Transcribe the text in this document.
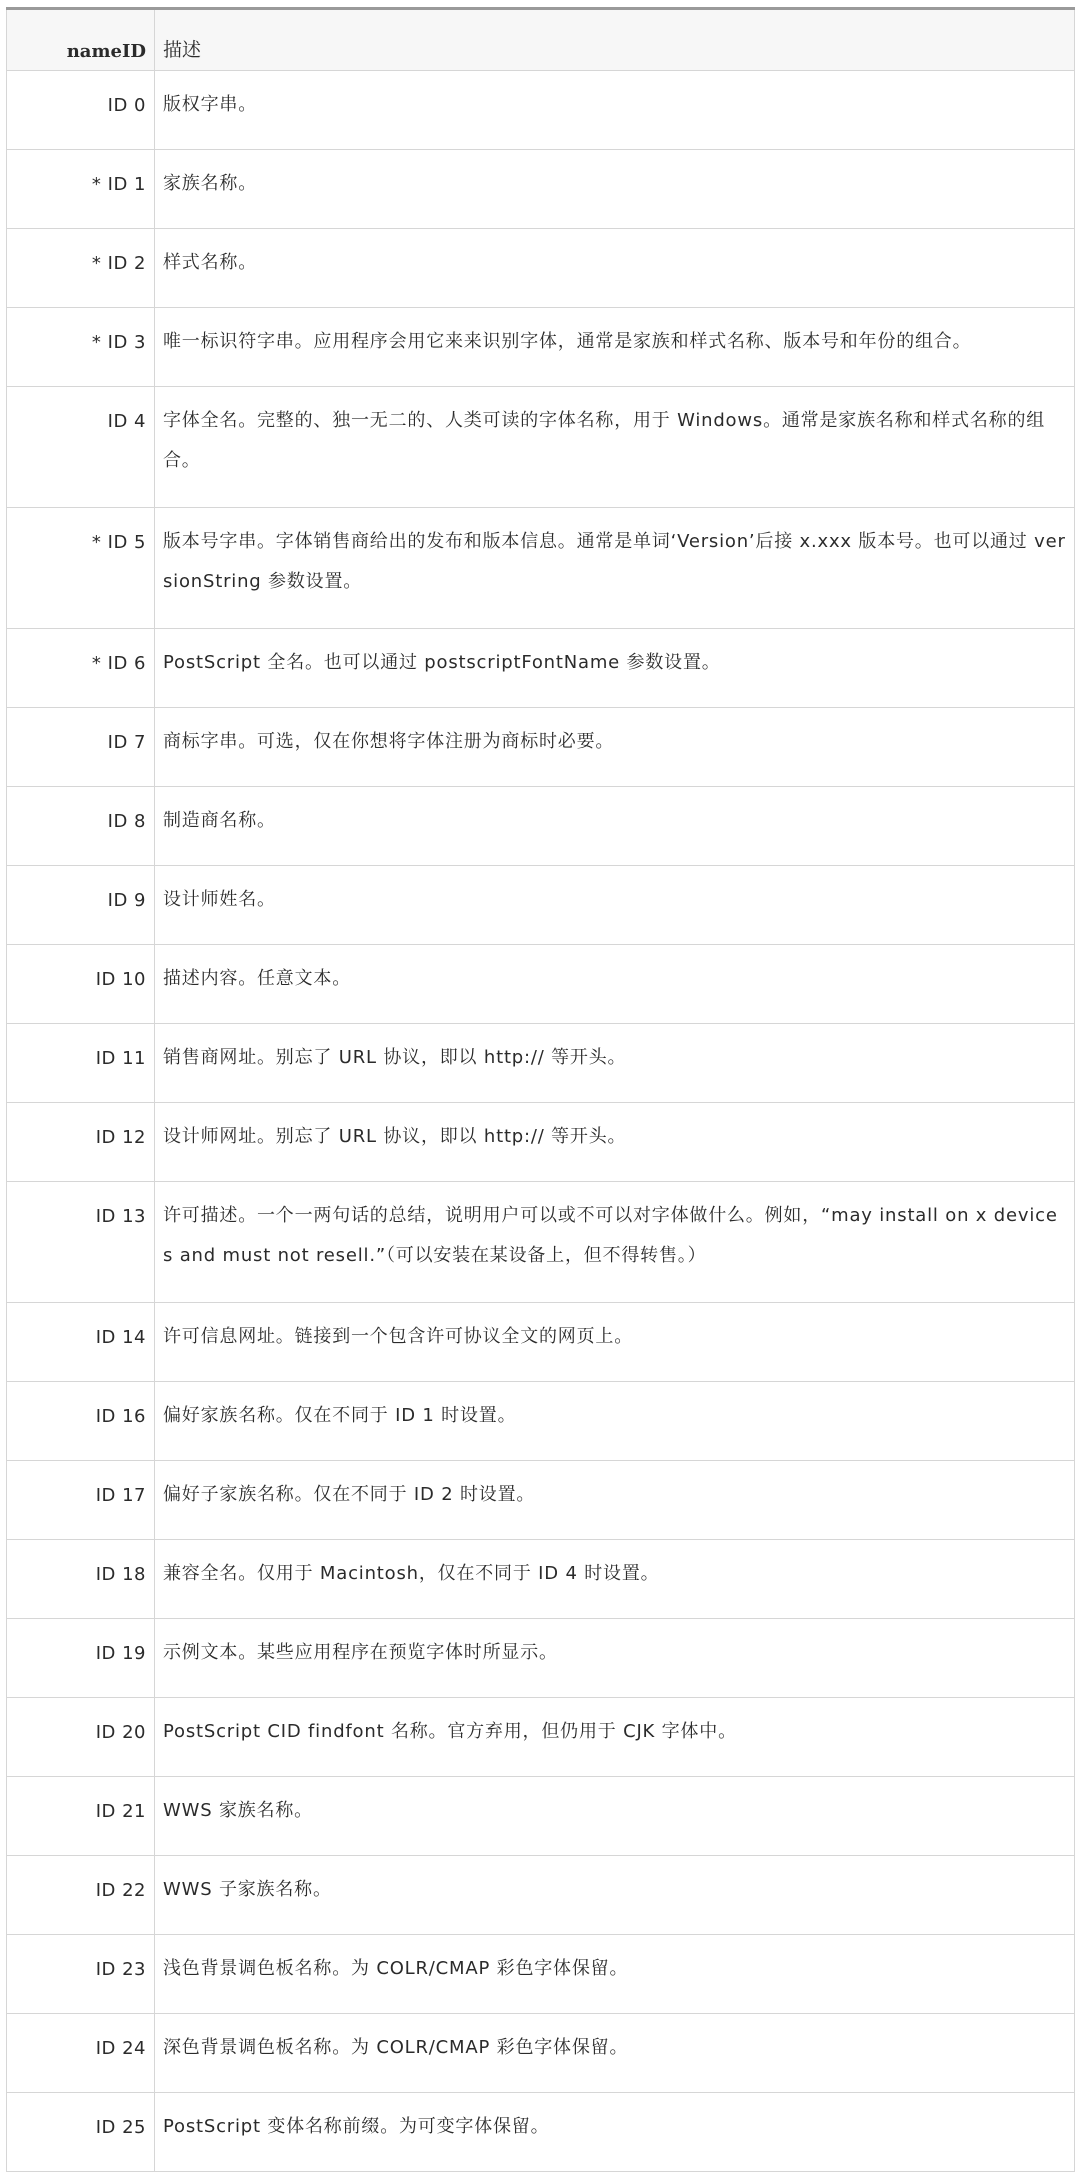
nameID	描述
ID 0	版权字串。
* ID 1	家族名称。
* ID 2	样式名称。
* ID 3	唯一标识符字串。应用程序会用它来来识别字体，通常是家族和样式名称、版本号和年份的组合。
ID 4	字体全名。完整的、独一无二的、人类可读的字体名称，用于 Windows。通常是家族名称和样式名称的组合。
* ID 5	版本号字串。字体销售商给出的发布和版本信息。通常是单词‘Version’后接 x.xxx 版本号。也可以通过 versionString 参数设置。
* ID 6	PostScript 全名。也可以通过 postscriptFontName 参数设置。
ID 7	商标字串。可选，仅在你想将字体注册为商标时必要。
ID 8	制造商名称。
ID 9	设计师姓名。
ID 10	描述内容。任意文本。
ID 11	销售商网址。别忘了 URL 协议，即以 http:// 等开头。
ID 12	设计师网址。别忘了 URL 协议，即以 http:// 等开头。
ID 13	许可描述。一个一两句话的总结，说明用户可以或不可以对字体做什么。例如，“may install on x devices and must not resell.”（可以安装在某设备上，但不得转售。）
ID 14	许可信息网址。链接到一个包含许可协议全文的网页上。
ID 16	偏好家族名称。仅在不同于 ID 1 时设置。
ID 17	偏好子家族名称。仅在不同于 ID 2 时设置。
ID 18	兼容全名。仅用于 Macintosh，仅在不同于 ID 4 时设置。
ID 19	示例文本。某些应用程序在预览字体时所显示。
ID 20	PostScript CID findfont 名称。官方弃用，但仍用于 CJK 字体中。
ID 21	WWS 家族名称。
ID 22	WWS 子家族名称。
ID 23	浅色背景调色板名称。为 COLR/CMAP 彩色字体保留。
ID 24	深色背景调色板名称。为 COLR/CMAP 彩色字体保留。
ID 25	PostScript 变体名称前缀。为可变字体保留。
